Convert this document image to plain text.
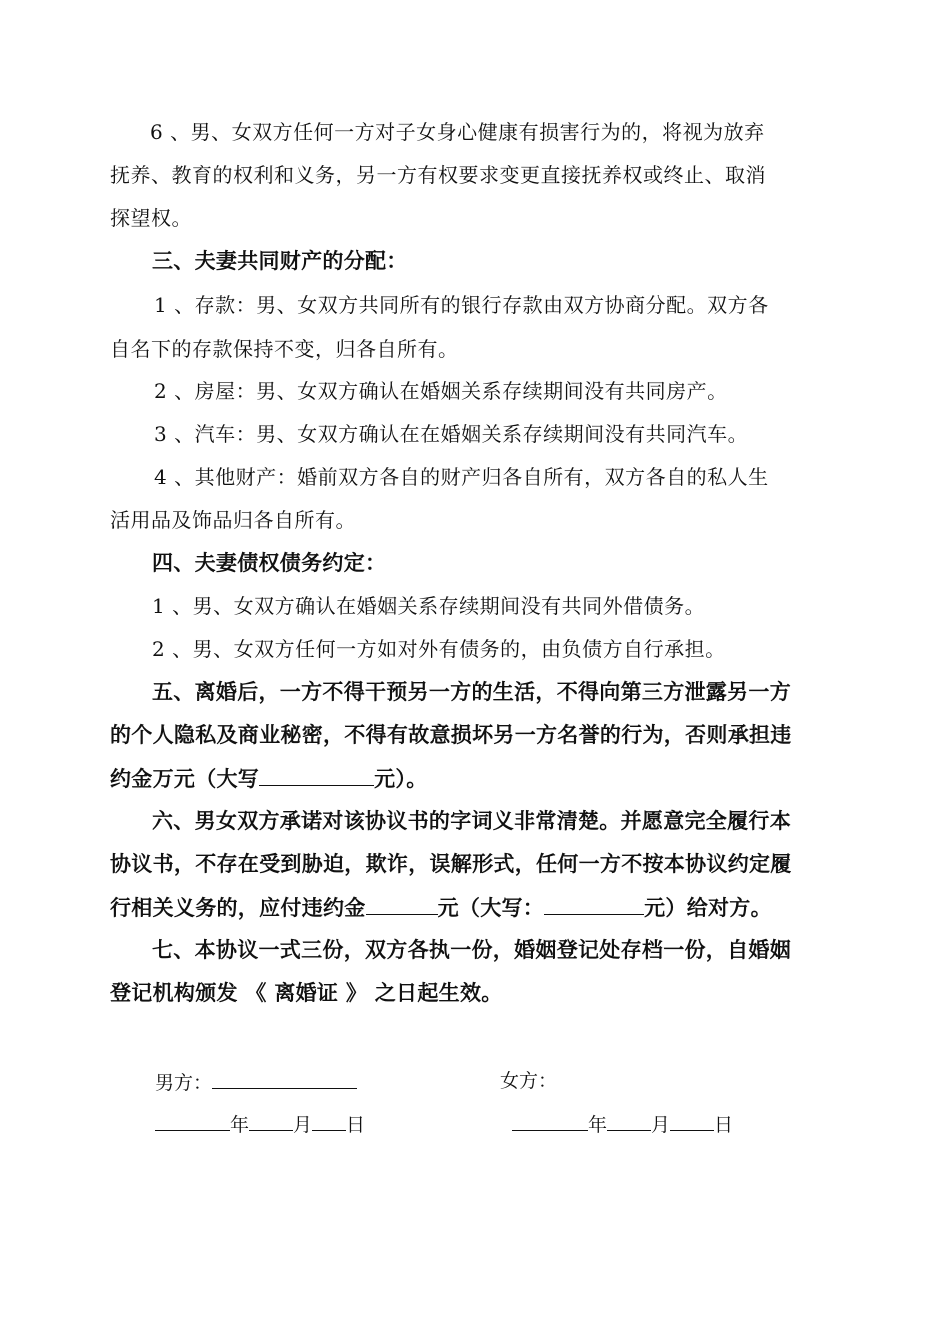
6 、男、女双方任何一方对子女身心健康有损害行为的，将视为放弃
抚养、教育的权利和义务，另一方有权要求变更直接抚养权或终止、取消
探望权。
三、夫妻共同财产的分配：
1 、存款：男、女双方共同所有的银行存款由双方协商分配。双方各
自名下的存款保持不变，归各自所有。
2 、房屋：男、女双方确认在婚姻关系存续期间没有共同房产。
3 、汽车：男、女双方确认在在婚姻关系存续期间没有共同汽车。
4 、其他财产：婚前双方各自的财产归各自所有，双方各自的私人生
活用品及饰品归各自所有。
四、夫妻债权债务约定：
1 、男、女双方确认在婚姻关系存续期间没有共同外借债务。
2 、男、女双方任何一方如对外有债务的，由负债方自行承担。
五、离婚后，一方不得干预另一方的生活，不得向第三方泄露另一方
的个人隐私及商业秘密，不得有故意损坏另一方名誉的行为，否则承担违
约金万元（大写	元）。
六、男女双方承诺对该协议书的字词义非常清楚。并愿意完全履行本
协议书，不存在受到胁迫，欺诈，误解形式，任何一方不按本协议约定履
行相关义务的，应付违约金	元（大写：	元）给对方。
七、本协议一式三份，双方各执一份，婚姻登记处存档一份，自婚姻
登记机构颁发 《 离婚证 》 之日起生效。
男方：	女方：
年 月 日	年 月 日
